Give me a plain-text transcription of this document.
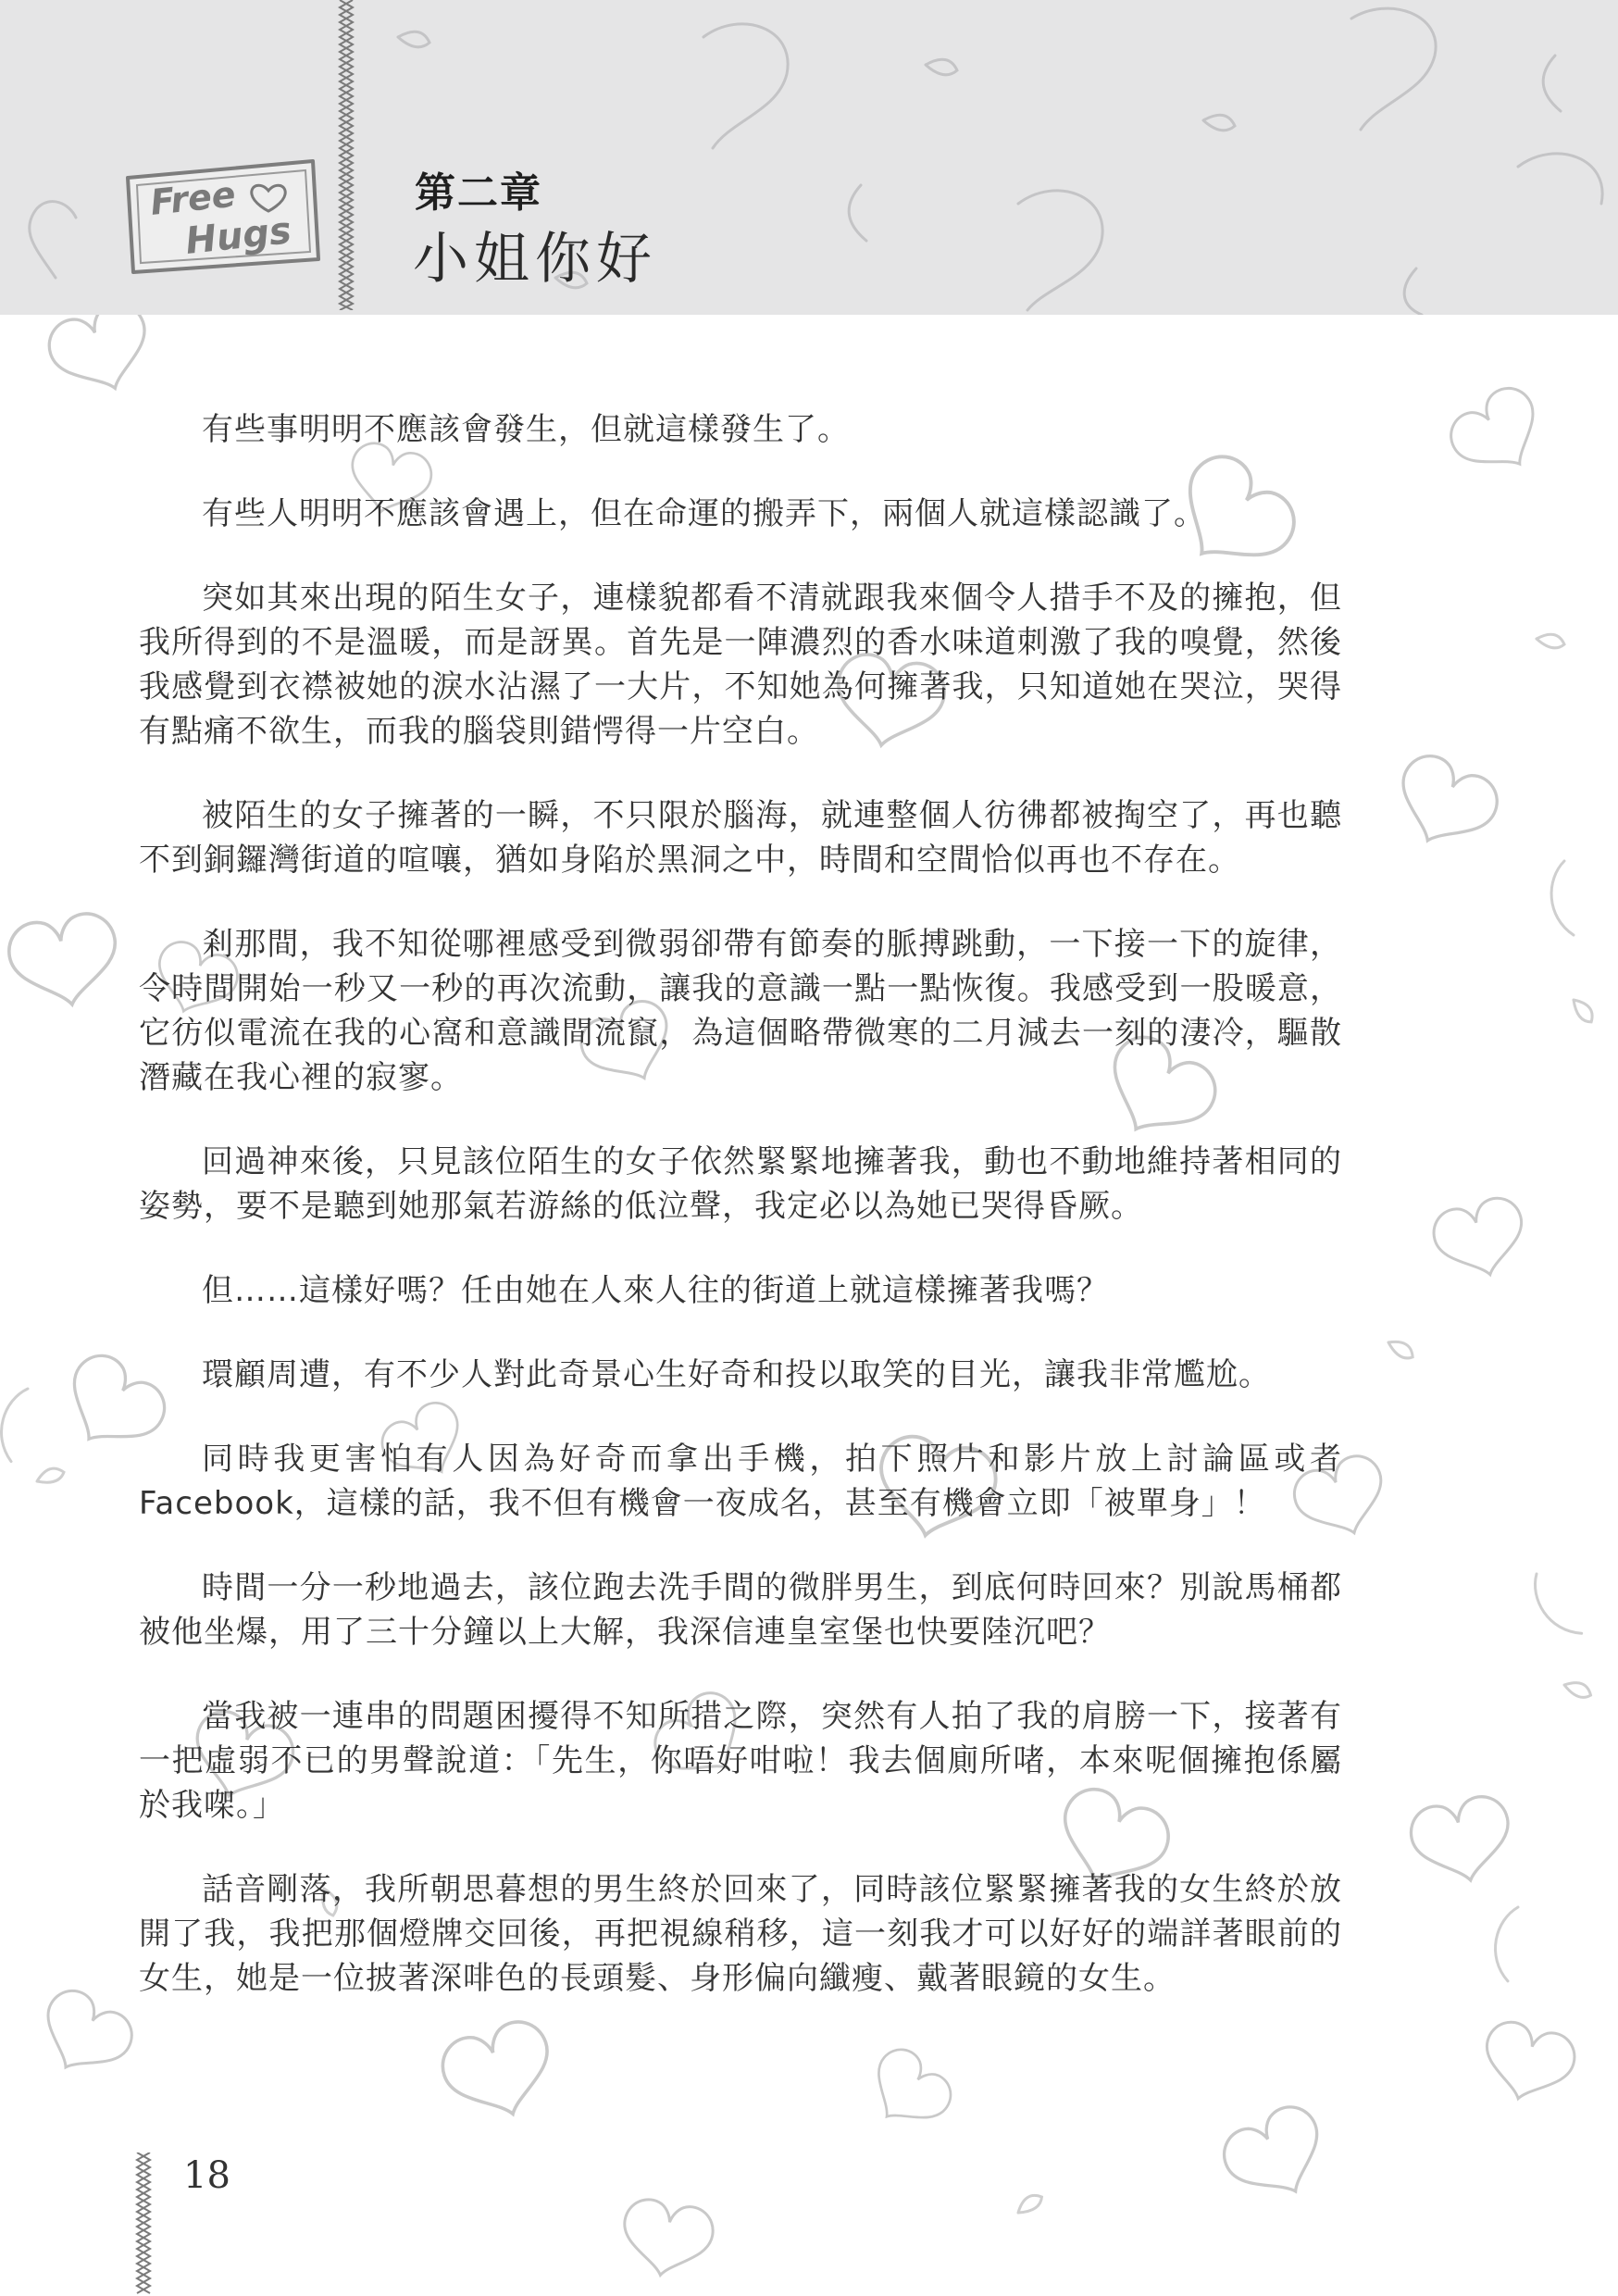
Free
Hugs
第二章
小姐你好

有些事明明不應該會發生，但就這樣發生了。

有些人明明不應該會遇上，但在命運的搬弄下，兩個人就這樣認識了。

突如其來出現的陌生女子，連樣貌都看不清就跟我來個令人措手不及的擁抱，但我所得到的不是溫暖，而是訝異。首先是一陣濃烈的香水味道刺激了我的嗅覺，然後我感覺到衣襟被她的淚水沾濕了一大片，不知她為何擁著我，只知道她在哭泣，哭得有點痛不欲生，而我的腦袋則錯愕得一片空白。

被陌生的女子擁著的一瞬，不只限於腦海，就連整個人彷彿都被掏空了，再也聽不到銅鑼灣街道的喧嚷，猶如身陷於黑洞之中，時間和空間恰似再也不存在。

剎那間，我不知從哪裡感受到微弱卻帶有節奏的脈搏跳動，一下接一下的旋律，令時間開始一秒又一秒的再次流動，讓我的意識一點一點恢復。我感受到一股暖意，它彷似電流在我的心窩和意識間流竄，為這個略帶微寒的二月減去一刻的淒冷，驅散潛藏在我心裡的寂寥。

回過神來後，只見該位陌生的女子依然緊緊地擁著我，動也不動地維持著相同的姿勢，要不是聽到她那氣若游絲的低泣聲，我定必以為她已哭得昏厥。

但……這樣好嗎？任由她在人來人往的街道上就這樣擁著我嗎？

環顧周遭，有不少人對此奇景心生好奇和投以取笑的目光，讓我非常尷尬。

同時我更害怕有人因為好奇而拿出手機，拍下照片和影片放上討論區或者Facebook，這樣的話，我不但有機會一夜成名，甚至有機會立即「被單身」！

時間一分一秒地過去，該位跑去洗手間的微胖男生，到底何時回來？別說馬桶都被他坐爆，用了三十分鐘以上大解，我深信連皇室堡也快要陸沉吧？

當我被一連串的問題困擾得不知所措之際，突然有人拍了我的肩膀一下，接著有一把虛弱不已的男聲說道：「先生，你唔好咁啦！我去個廁所啫，本來呢個擁抱係屬於我㗎。」

話音剛落，我所朝思暮想的男生終於回來了，同時該位緊緊擁著我的女生終於放開了我，我把那個燈牌交回後，再把視線稍移，這一刻我才可以好好的端詳著眼前的女生，她是一位披著深啡色的長頭髮、身形偏向纖瘦、戴著眼鏡的女生。

18
